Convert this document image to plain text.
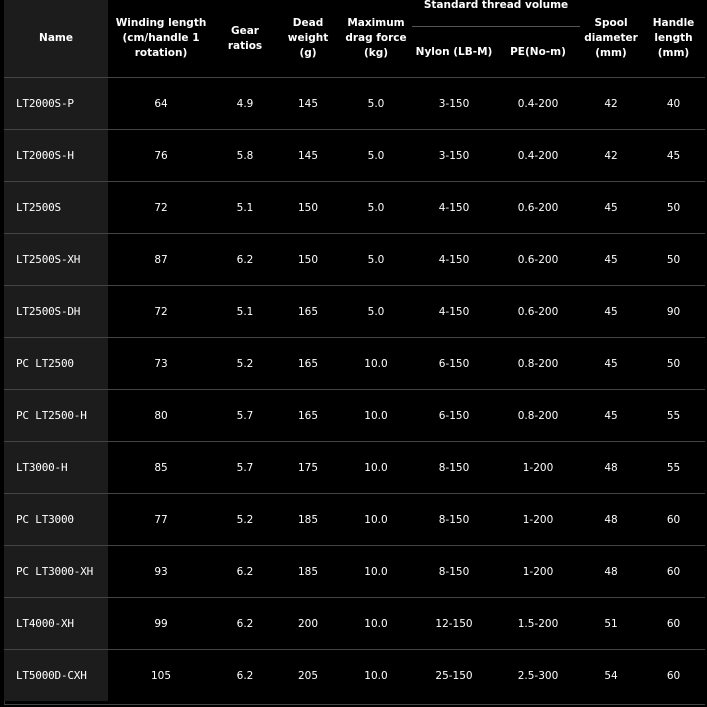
Name	Winding length (cm/handle 1 rotation)	Gear ratios	Dead weight (g)	Maximum drag force (kg)	Standard thread volume		Spool diameter (mm)	Handle length (mm)
					Nylon (LB-M)	PE(No-m)		
LT2000S-P	64	4.9	145	5.0	3-150	0.4-200	42	40
LT2000S-H	76	5.8	145	5.0	3-150	0.4-200	42	45
LT2500S	72	5.1	150	5.0	4-150	0.6-200	45	50
LT2500S-XH	87	6.2	150	5.0	4-150	0.6-200	45	50
LT2500S-DH	72	5.1	165	5.0	4-150	0.6-200	45	90
PC LT2500	73	5.2	165	10.0	6-150	0.8-200	45	50
PC LT2500-H	80	5.7	165	10.0	6-150	0.8-200	45	55
LT3000-H	85	5.7	175	10.0	8-150	1-200	48	55
PC LT3000	77	5.2	185	10.0	8-150	1-200	48	60
PC LT3000-XH	93	6.2	185	10.0	8-150	1-200	48	60
LT4000-XH	99	6.2	200	10.0	12-150	1.5-200	51	60
LT5000D-CXH	105	6.2	205	10.0	25-150	2.5-300	54	60
